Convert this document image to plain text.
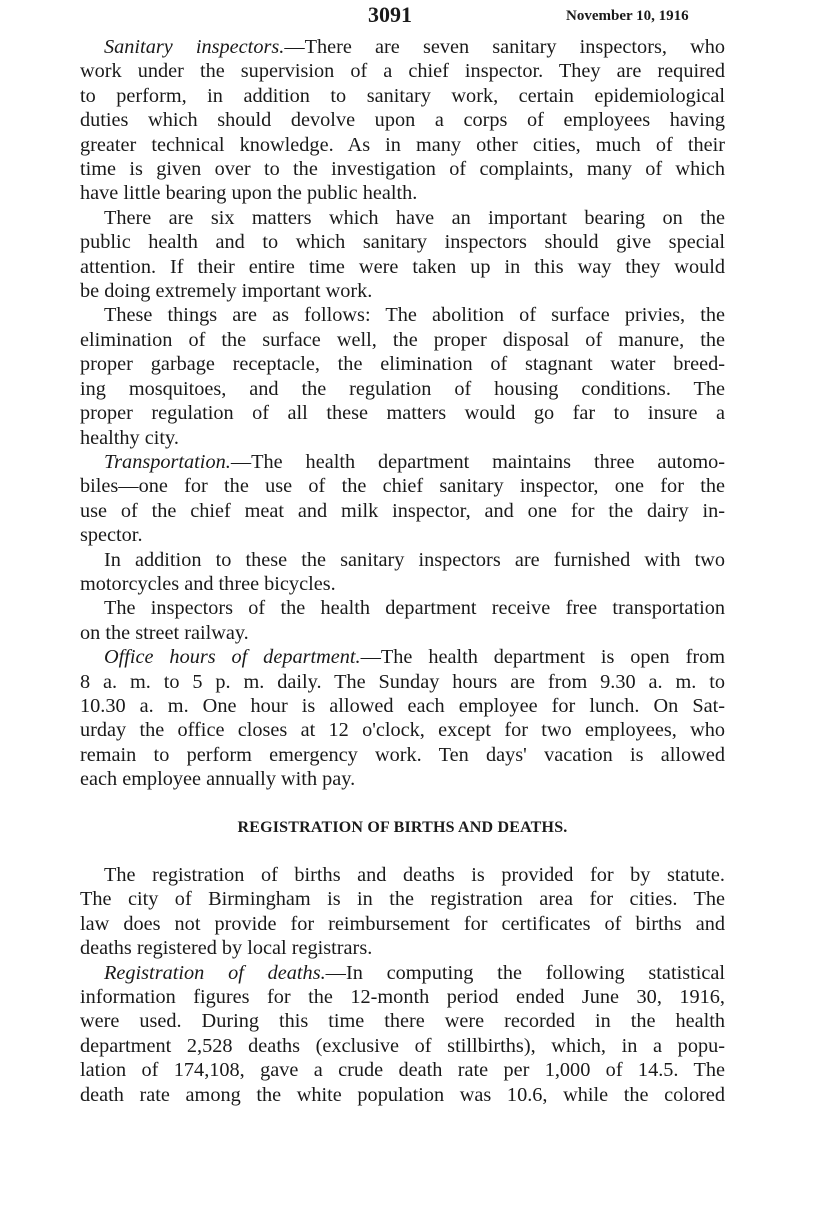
3091	November 10, 1916
Sanitary inspectors.—There are seven sanitary inspectors, who
work under the supervision of a chief inspector. They are required
to perform, in addition to sanitary work, certain epidemiological
duties which should devolve upon a corps of employees having
greater technical knowledge. As in many other cities, much of their
time is given over to the investigation of complaints, many of which
have little bearing upon the public health.
There are six matters which have an important bearing on the
public health and to which sanitary inspectors should give special
attention. If their entire time were taken up in this way they would
be doing extremely important work.
These things are as follows: The abolition of surface privies, the
elimination of the surface well, the proper disposal of manure, the
proper garbage receptacle, the elimination of stagnant water breed-
ing mosquitoes, and the regulation of housing conditions. The
proper regulation of all these matters would go far to insure a
healthy city.
Transportation.—The health department maintains three automo-
biles—one for the use of the chief sanitary inspector, one for the
use of the chief meat and milk inspector, and one for the dairy in-
spector.
In addition to these the sanitary inspectors are furnished with two
motorcycles and three bicycles.
The inspectors of the health department receive free transportation
on the street railway.
Office hours of department.—The health department is open from
8 a. m. to 5 p. m. daily. The Sunday hours are from 9.30 a. m. to
10.30 a. m. One hour is allowed each employee for lunch. On Sat-
urday the office closes at 12 o'clock, except for two employees, who
remain to perform emergency work. Ten days' vacation is allowed
each employee annually with pay.
REGISTRATION OF BIRTHS AND DEATHS.
The registration of births and deaths is provided for by statute.
The city of Birmingham is in the registration area for cities. The
law does not provide for reimbursement for certificates of births and
deaths registered by local registrars.
Registration of deaths.—In computing the following statistical
information figures for the 12-month period ended June 30, 1916,
were used. During this time there were recorded in the health
department 2,528 deaths (exclusive of stillbirths), which, in a popu-
lation of 174,108, gave a crude death rate per 1,000 of 14.5. The
death rate among the white population was 10.6, while the colored
